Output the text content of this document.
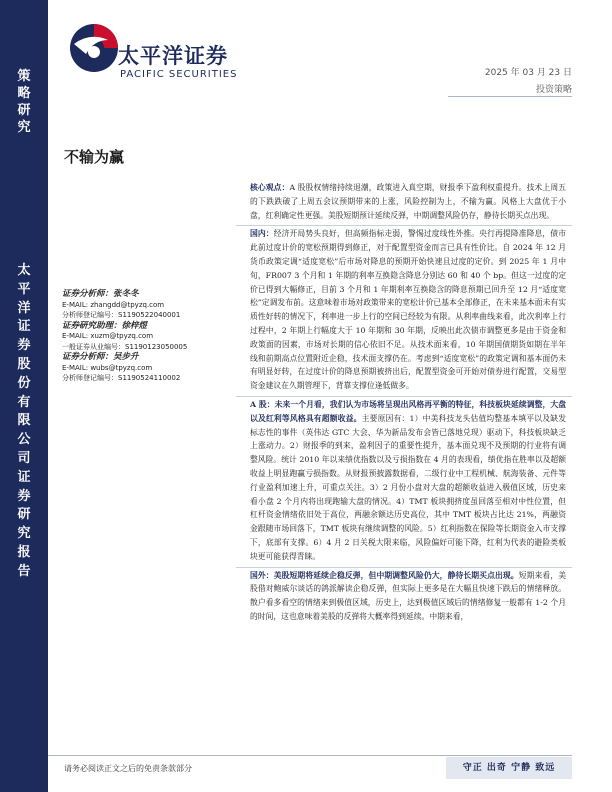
策
略
研
究
太
平
洋
证
券
股
份
有
限
公
司
证
券
研
究
报
告
太平洋证券
PACIFIC SECURITIES	2025 年 03 月 23 日
投资策略
不输为赢
证券分析师：张冬冬
E-MAIL: zhangdd@tpyzq.com
分析师登记编号：S1190522040001
证券研究助理：徐梓煜
E-MAIL: xuzm@tpyzq.com
一般证券从业编号：S1190123050005
证券分析师：吴步升
E-MAIL: wubs@tpyzq.com
分析师登记编号：S1190524110002
核心观点：A 股股权情绪持续退潮，政策进入真空期，财报季下盈利权重提升。技术上周五的下跌跌破了上周五会议预期带来的上涨，风险控制为上，不输为赢。风格上大盘优于小盘，红利确定性更强。美股短期预计延续反弹，中期调整风险仍存，静待长期买点出现。
国内：经济开局势头良好，但高频指标走弱，警惕过度线性外推。央行再提降准降息，债市此前过度计价的宽松预期得到修正，对于配置型资金而言已具有性价比。自 2024 年 12 月货币政策定调“适度宽松”后市场对降息的预期开始快速且过度的定价。到 2025 年 1 月中旬，FR007 3 个月和 1 年期的利率互换隐含降息分别达 60 和 40 个 bp。但这一过度的定价已得到大幅修正，目前 3 个月和 1 年期利率互换隐含的降息预期已回升至 12 月“适度宽松”定调发布前。这意味着市场对政策带来的宽松计价已基本全部修正，在未来基本面未有实质性好转的情况下，利率进一步上行的空间已经较为有限。从利率曲线来看，此次利率上行过程中，2 年期上行幅度大于 10 年期和 30 年期，反映出此次债市调整更多是由于资金和政策面的因素，市场对长期的信心依旧不足。从技术面来看，10 年期国债期货如期在半年线和前期高点位置附近企稳，技术面支撑仍在。考虑到“适度宽松”的政策定调和基本面仍未有明显好转，在过度计价的降息预期被挤出后，配置型资金可开始对债券进行配置，交易型资金建议在久期管理下，背靠支撑位逢低做多。
A 股：未来一个月看，我们认为市场将呈现出风格再平衡的特征，科技板块延续调整，大盘以及红利等风格具有超额收益。主要原因有：1）中美科技龙头估值均整基本填平以及缺发标志性的事件（英伟达 GTC 大会、华为新品发布会皆已落地兑现）驱动下，科技板块缺乏上涨动力。2）财报季的到来，盈利因子的重要性提升，基本面兑现不及预期的行业将有调整风险。统计 2010 年以来绩优指数以及亏损指数在 4 月的表现看，绩优指在胜率以及超额收益上明显跑赢亏损指数。从财报预披露数据看，二级行业中工程机械、航海装备、元件等行业盈利加速上升，可重点关注。3）2 月份小盘对大盘的超额收益进入极值区域，历史来看小盘 2 个月内将出现跑输大盘的情况。4）TMT 板块拥挤度虽回落至相对中性位置，但杠杆资金情绪依旧处于高位，两融余额达历史高位，其中 TMT 板块占比达 21%，两融资金跟随市场回落下，TMT 板块有继续调整的风险。5）红利指数在保险等长期资金入市支撑下，底部有支撑。6）4 月 2 日关税大限来临，风险偏好可能下降，红利为代表的避险类板块更可能获得青睐。
国外：美股短期将延续企稳反弹，但中期调整风险仍大，静待长期买点出现。短期来看，美股借对鲍威尔谈话的鸽派解读企稳反弹，但实际上更多是在大幅且快速下跌后的情绪释放。散户看多看空的情绪来到极值区域，历史上，达到极值区域后的情绪修复一般都有 1-2 个月的时间，这也意味着美股的反弹将大概率得到延续。中期来看，
请务必阅读正文之后的免责条款部分	守正 出奇 宁静 致远
